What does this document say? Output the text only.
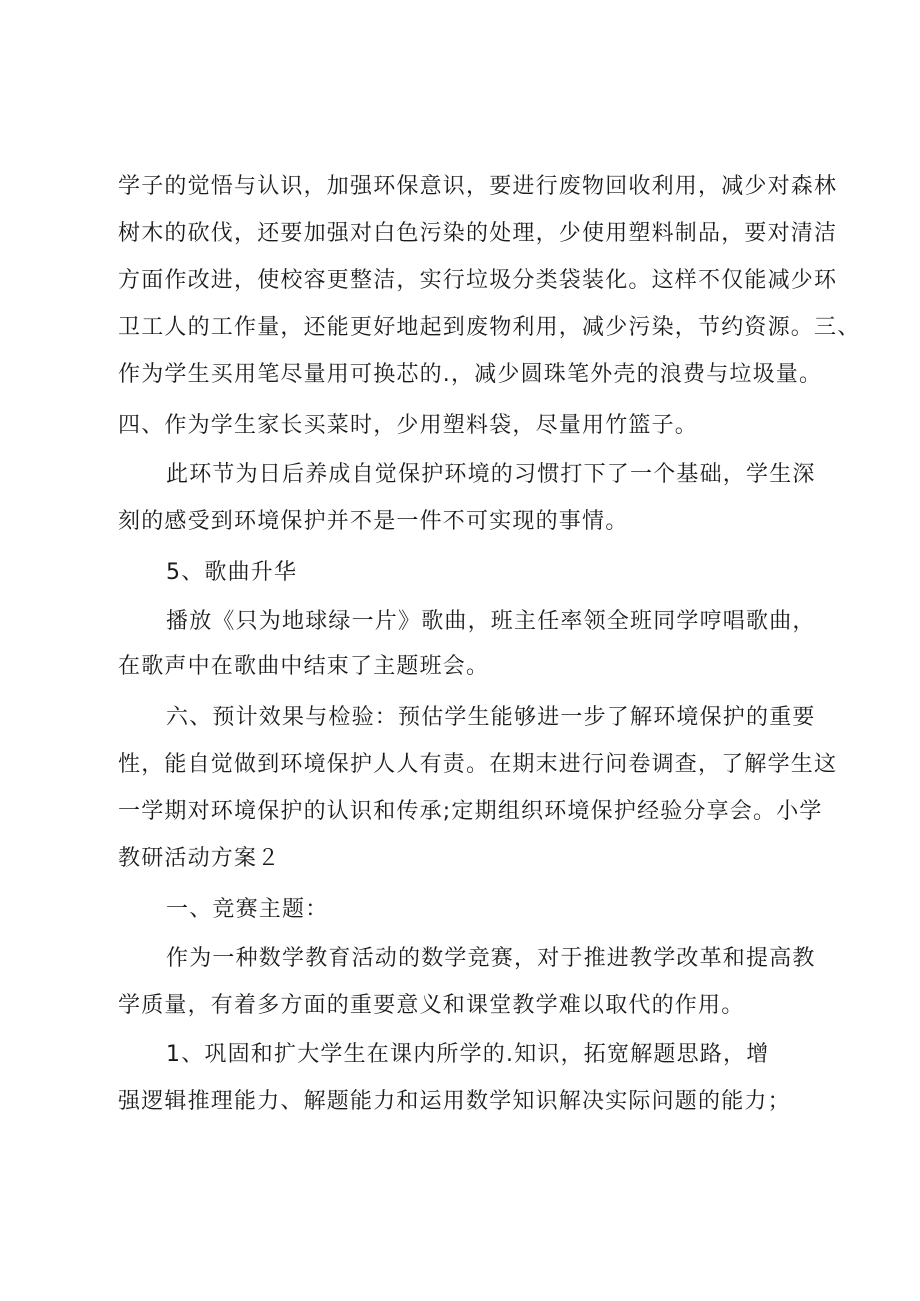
学子的觉悟与认识，加强环保意识，要进行废物回收利用，减少对森林
树木的砍伐，还要加强对白色污染的处理，少使用塑料制品，要对清洁
方面作改进，使校容更整洁，实行垃圾分类袋装化。这样不仅能减少环
卫工人的工作量，还能更好地起到废物利用，减少污染，节约资源。三、
作为学生买用笔尽量用可换芯的.，减少圆珠笔外壳的浪费与垃圾量。
四、作为学生家长买菜时，少用塑料袋，尽量用竹篮子。
此环节为日后养成自觉保护环境的习惯打下了一个基础，学生深
刻的感受到环境保护并不是一件不可实现的事情。
5、歌曲升华
播放《只为地球绿一片》歌曲，班主任率领全班同学哼唱歌曲，
在歌声中在歌曲中结束了主题班会。
六、预计效果与检验：预估学生能够进一步了解环境保护的重要
性，能自觉做到环境保护人人有责。在期末进行问卷调查，了解学生这
一学期对环境保护的认识和传承;定期组织环境保护经验分享会。小学
教研活动方案２
一、竞赛主题：
作为一种数学教育活动的数学竞赛，对于推进教学改革和提高教
学质量，有着多方面的重要意义和课堂教学难以取代的作用。
1、巩固和扩大学生在课内所学的.知识，拓宽解题思路，增
强逻辑推理能力、解题能力和运用数学知识解决实际问题的能力；
